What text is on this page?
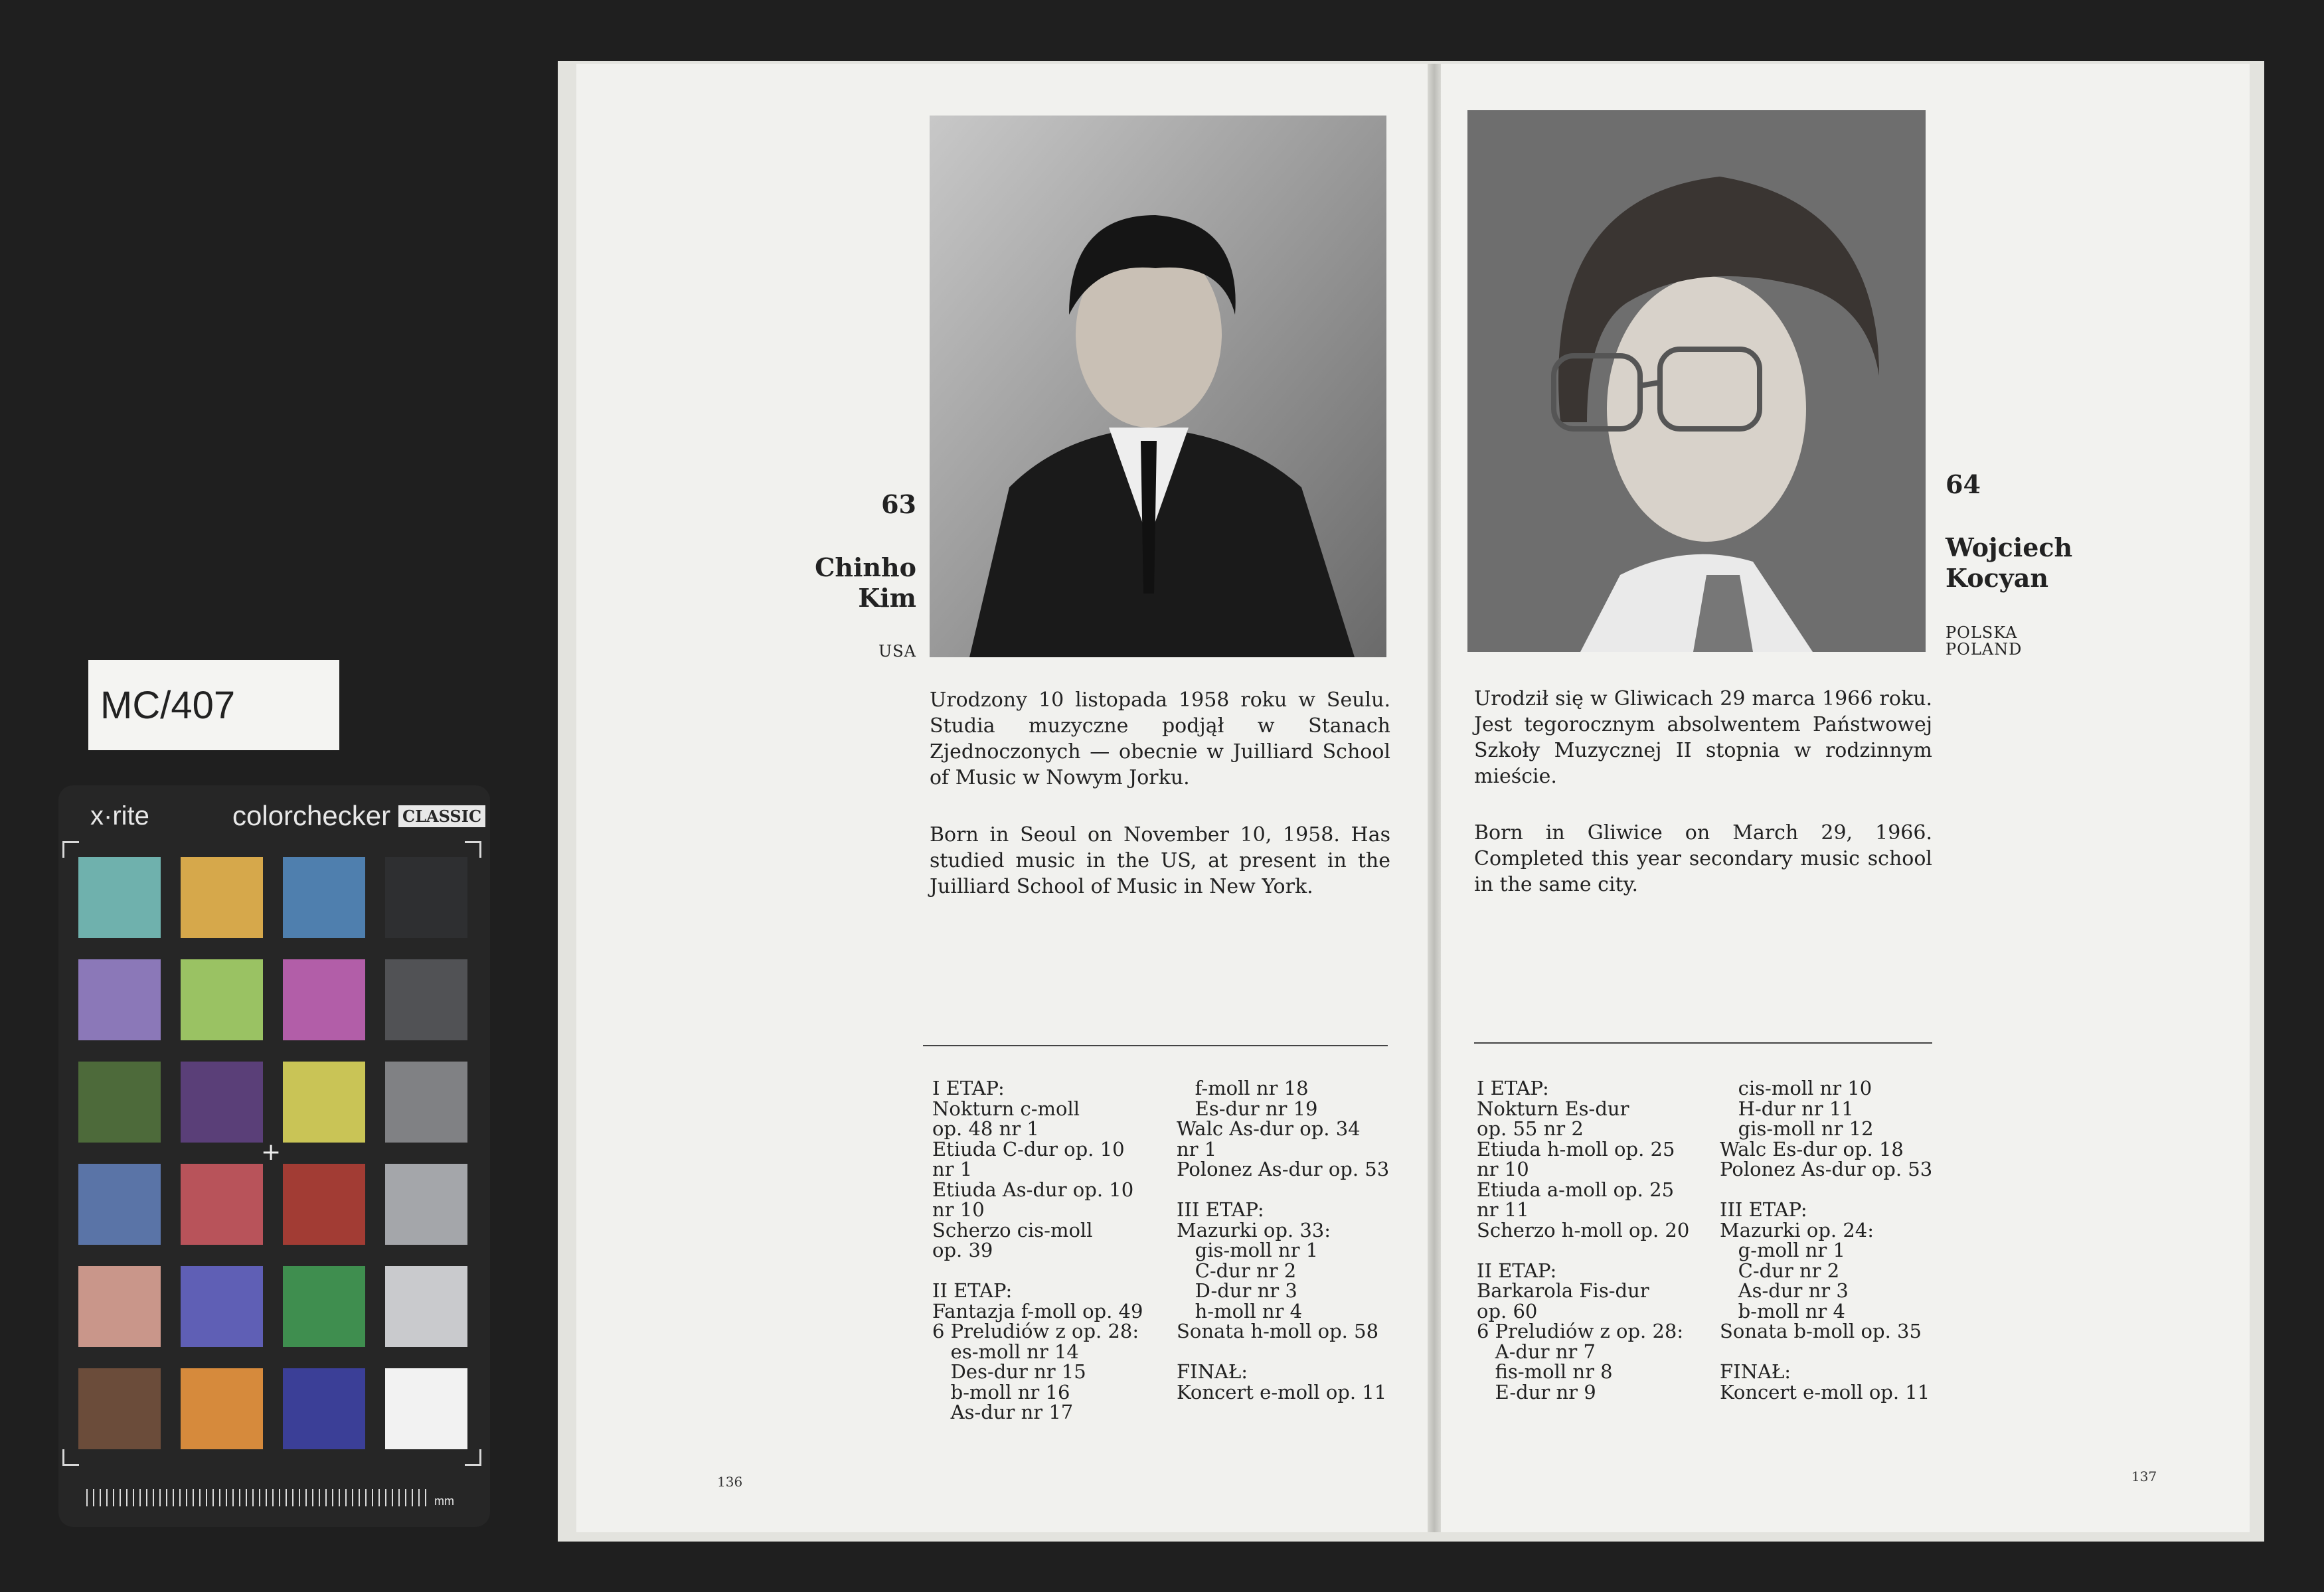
MC/407
x·rite	colorchecker CLASSIC
+
mm
63
Chinho
Kim
USA
Urodzony 10 listopada 1958 roku w Seulu. Studia muzyczne podjął w Stanach Zjednoczonych — obecnie w Juilliard School of Music w Nowym Jorku.
Born in Seoul on November 10, 1958. Has studied music in the US, at present in the Juilliard School of Music in New York.
I ETAP:
Nokturn c-moll
op. 48 nr 1
Etiuda C-dur op. 10
nr 1
Etiuda As-dur op. 10
nr 10
Scherzo cis-moll
op. 39

II ETAP:
Fantazja f-moll op. 49
6 Preludiów z op. 28:
es-moll nr 14
Des-dur nr 15
b-moll nr 16
As-dur nr 17
f-moll nr 18
Es-dur nr 19
Walc As-dur op. 34
nr 1
Polonez As-dur op. 53

III ETAP:
Mazurki op. 33:
gis-moll nr 1
C-dur nr 2
D-dur nr 3
h-moll nr 4
Sonata h-moll op. 58

FINAŁ:
Koncert e-moll op. 11
136
64
Wojciech
Kocyan
POLSKA
POLAND
Urodził się w Gliwicach 29 marca 1966 roku. Jest tegorocznym absolwentem Państwowej Szkoły Muzycznej II stopnia w rodzinnym mieście.
Born in Gliwice on March 29, 1966. Completed this year secondary music school in the same city.
I ETAP:
Nokturn Es-dur
op. 55 nr 2
Etiuda h-moll op. 25
nr 10
Etiuda a-moll op. 25
nr 11
Scherzo h-moll op. 20

II ETAP:
Barkarola Fis-dur
op. 60
6 Preludiów z op. 28:
A-dur nr 7
fis-moll nr 8
E-dur nr 9
cis-moll nr 10
H-dur nr 11
gis-moll nr 12
Walc Es-dur op. 18
Polonez As-dur op. 53

III ETAP:
Mazurki op. 24:
g-moll nr 1
C-dur nr 2
As-dur nr 3
b-moll nr 4
Sonata b-moll op. 35

FINAŁ:
Koncert e-moll op. 11
137
